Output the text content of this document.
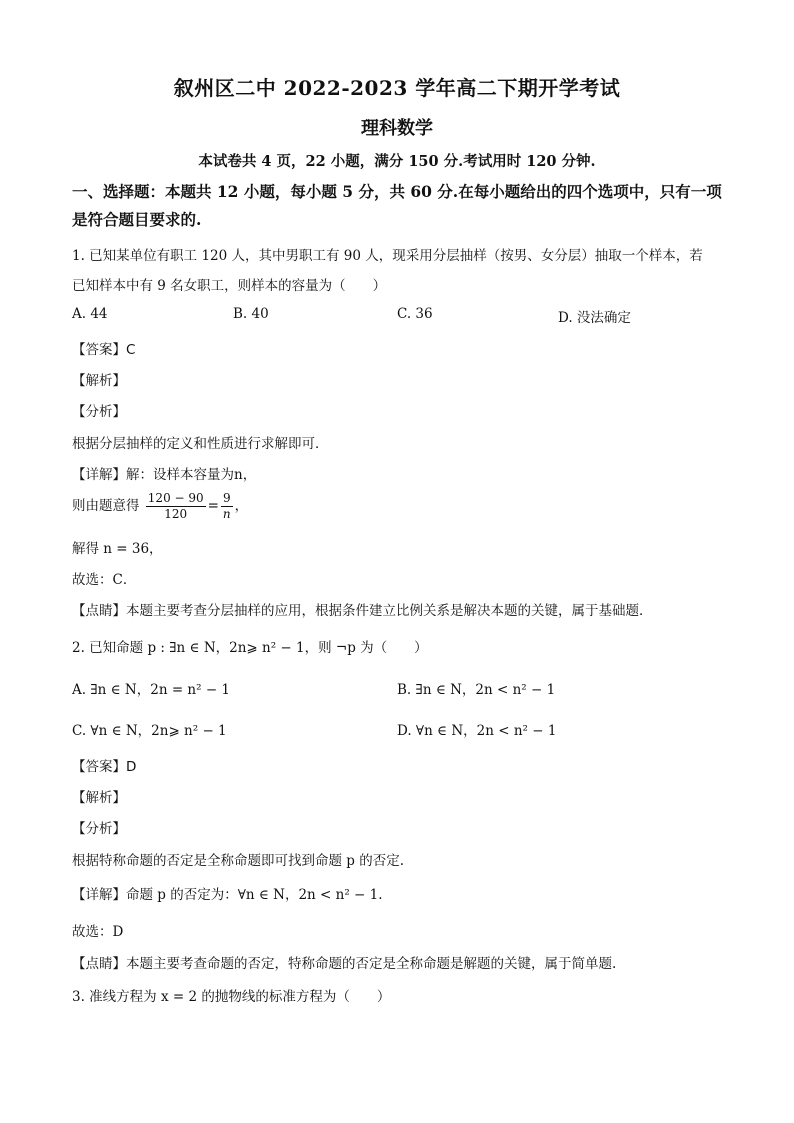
叙州区二中 2022-2023 学年高二下期开学考试
理科数学
本试卷共 4 页，22 小题，满分 150 分.考试用时 120 分钟.
一、选择题：本题共 12 小题，每小题 5 分，共 60 分.在每小题给出的四个选项中，只有一项
是符合题目要求的.
1. 已知某单位有职工 120 人，其中男职工有 90 人，现采用分层抽样（按男、女分层）抽取一个样本，若
已知样本中有 9 名女职工，则样本的容量为（　　）
A. 44	B. 40	C. 36	D. 没法确定
【答案】C
【解析】
【分析】
根据分层抽样的定义和性质进行求解即可．
【详解】解：设样本容量为n，
则由题意得 $\frac{120 - 90}{120} = \frac{9}{n}$ ，
解得 n = 36，
故选：C．
【点睛】本题主要考查分层抽样的应用，根据条件建立比例关系是解决本题的关键，属于基础题．
2. 已知命题 p : ∃n ∈ N，2n⩾ n² − 1，则 ¬p 为（　　）
A. ∃n ∈ N，2n = n² − 1	B. ∃n ∈ N，2n < n² − 1
C. ∀n ∈ N，2n⩾ n² − 1	D. ∀n ∈ N，2n < n² − 1
【答案】D
【解析】
【分析】
根据特称命题的否定是全称命题即可找到命题 p 的否定.
【详解】命题 p 的否定为：∀n ∈ N，2n < n² − 1.
故选：D
【点睛】本题主要考查命题的否定，特称命题的否定是全称命题是解题的关键，属于简单题.
3. 准线方程为 x = 2 的抛物线的标准方程为（　　）
